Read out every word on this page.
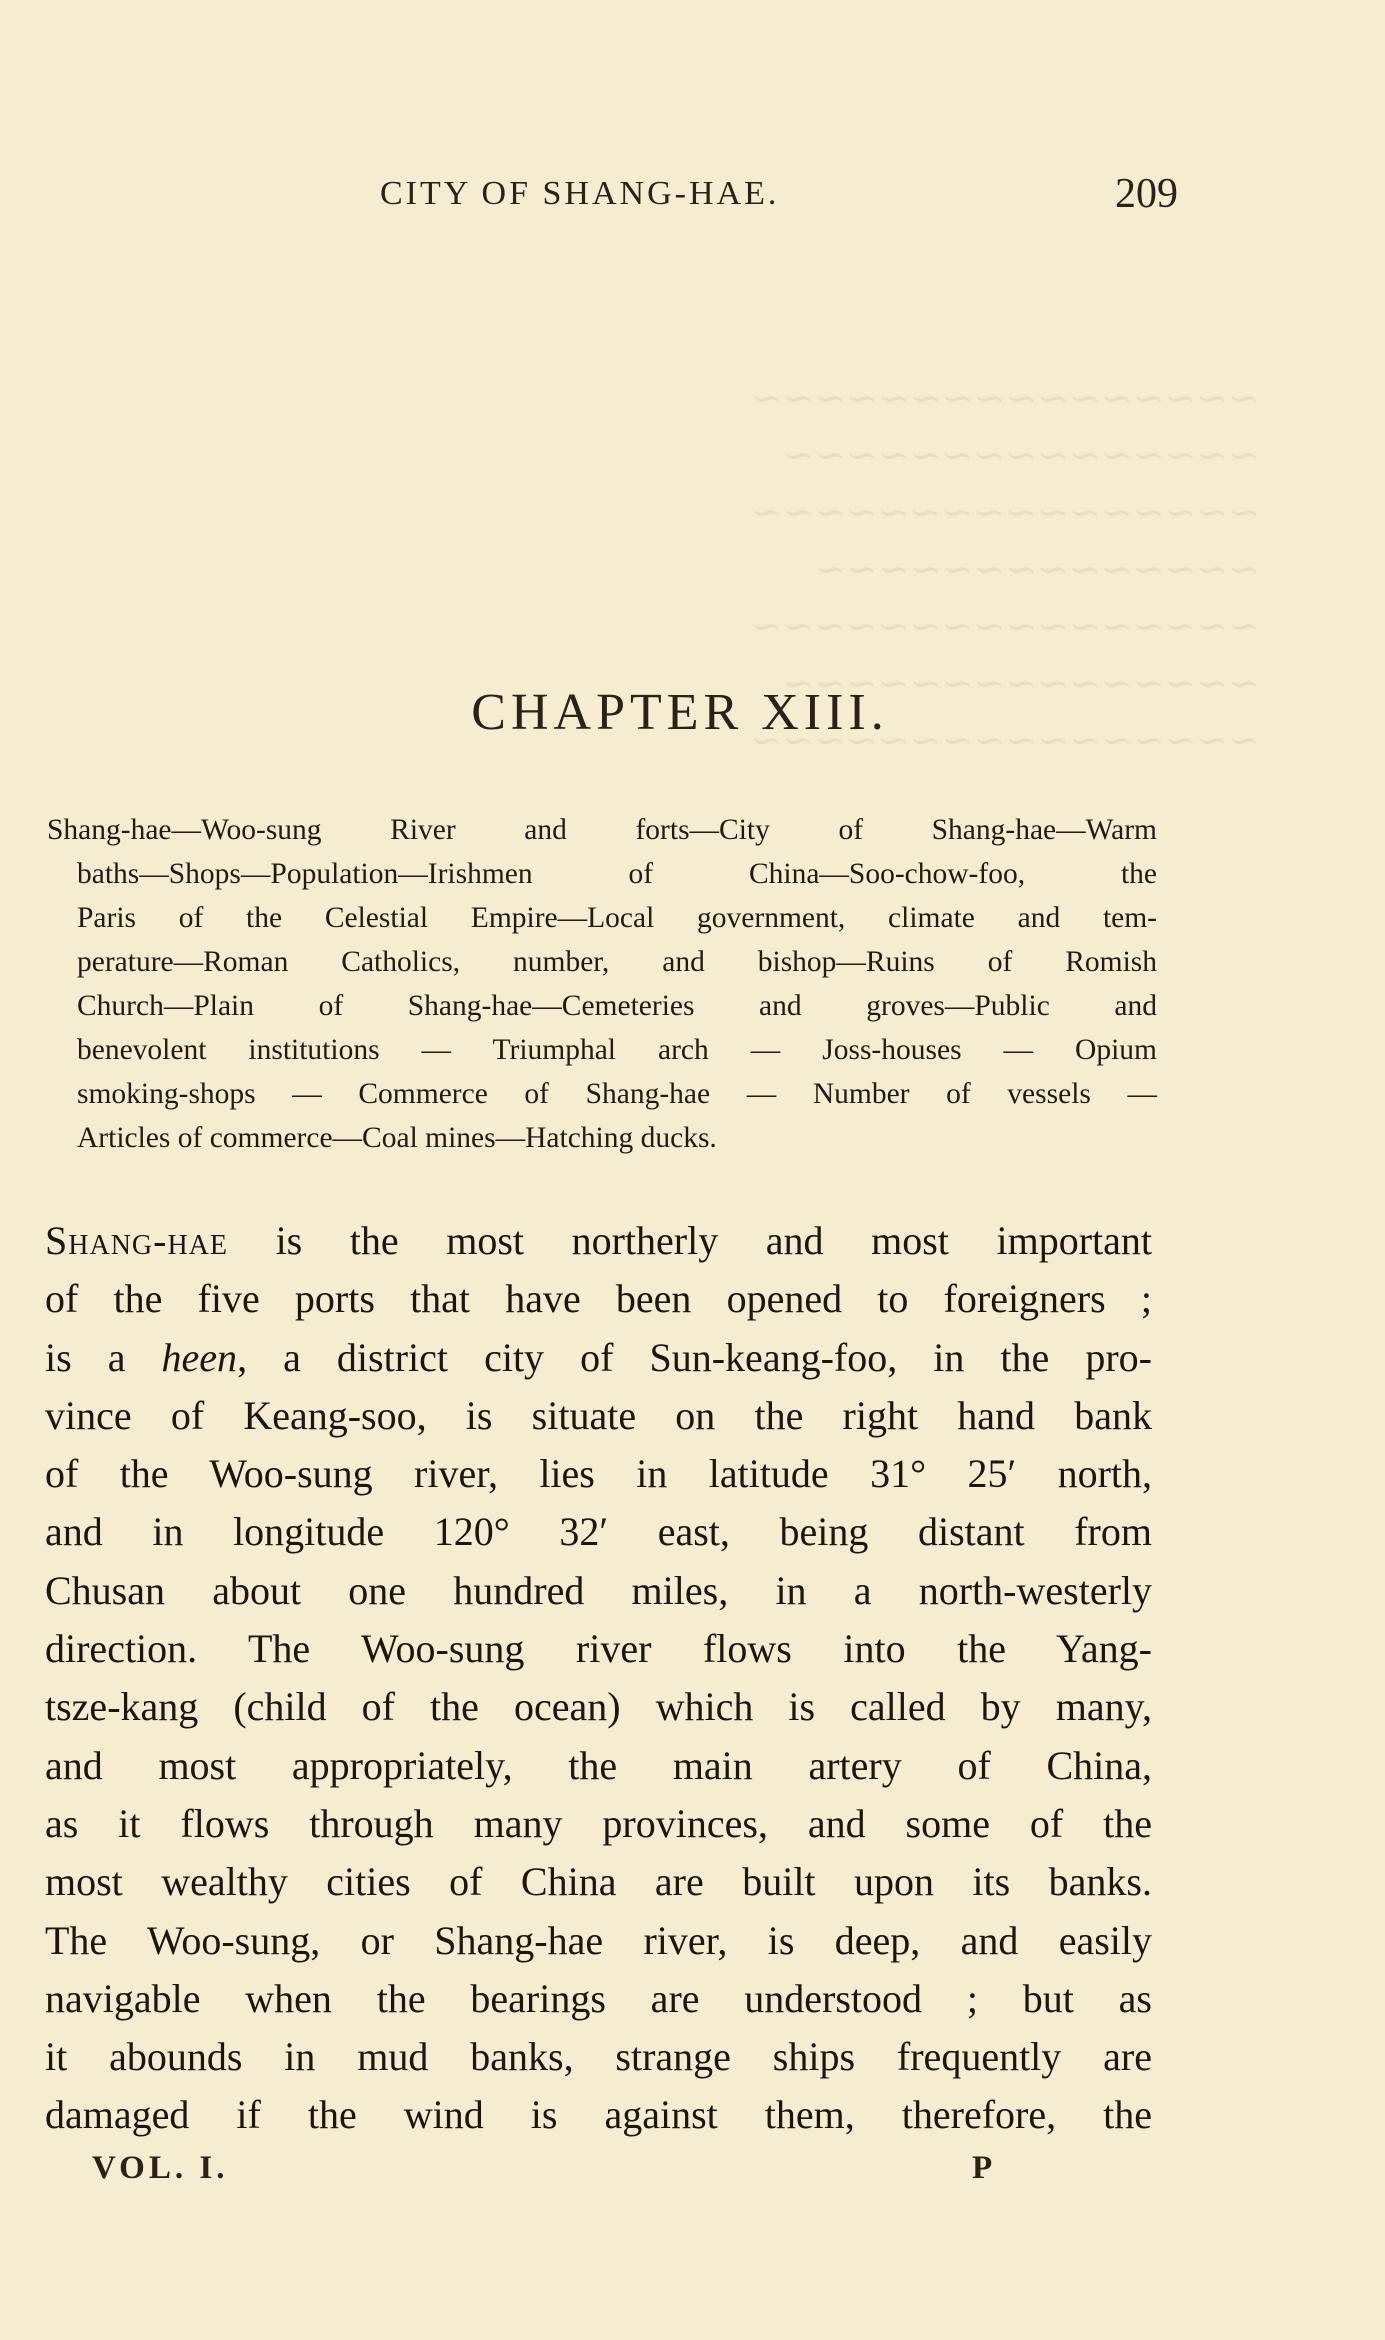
~~~~~~~~~~~~~~~~
~~~~~~~~~~~~~~~
~~~~~~~~~~~~~~~~
~~~~~~~~~~~~~~
~~~~~~~~~~~~~~~~
~~~~~~~~~~~~~~~
~~~~~~~~~~~~~~~~
CITY OF SHANG-HAE.	209
CHAPTER XIII.
Shang-hae—Woo-sung River and forts—City of Shang-hae—Warm
baths—Shops—Population—Irishmen of China—Soo-chow-foo, the
Paris of the Celestial Empire—Local government, climate and tem-
perature—Roman Catholics, number, and bishop—Ruins of Romish
Church—Plain of Shang-hae—Cemeteries and groves—Public and
benevolent institutions — Triumphal arch — Joss-houses — Opium
smoking-shops — Commerce of Shang-hae — Number of vessels —
Articles of commerce—Coal mines—Hatching ducks.
Shang-hae is the most northerly and most important
of the five ports that have been opened to foreigners ;
is a heen, a district city of Sun-keang-foo, in the pro-
vince of Keang-soo, is situate on the right hand bank
of the Woo-sung river, lies in latitude 31° 25′ north,
and in longitude 120° 32′ east, being distant from
Chusan about one hundred miles, in a north-westerly
direction. The Woo-sung river flows into the Yang-
tsze-kang (child of the ocean) which is called by many,
and most appropriately, the main artery of China,
as it flows through many provinces, and some of the
most wealthy cities of China are built upon its banks.
The Woo-sung, or Shang-hae river, is deep, and easily
navigable when the bearings are understood ; but as
it abounds in mud banks, strange ships frequently are
damaged if the wind is against them, therefore, the
VOL. I.	P
